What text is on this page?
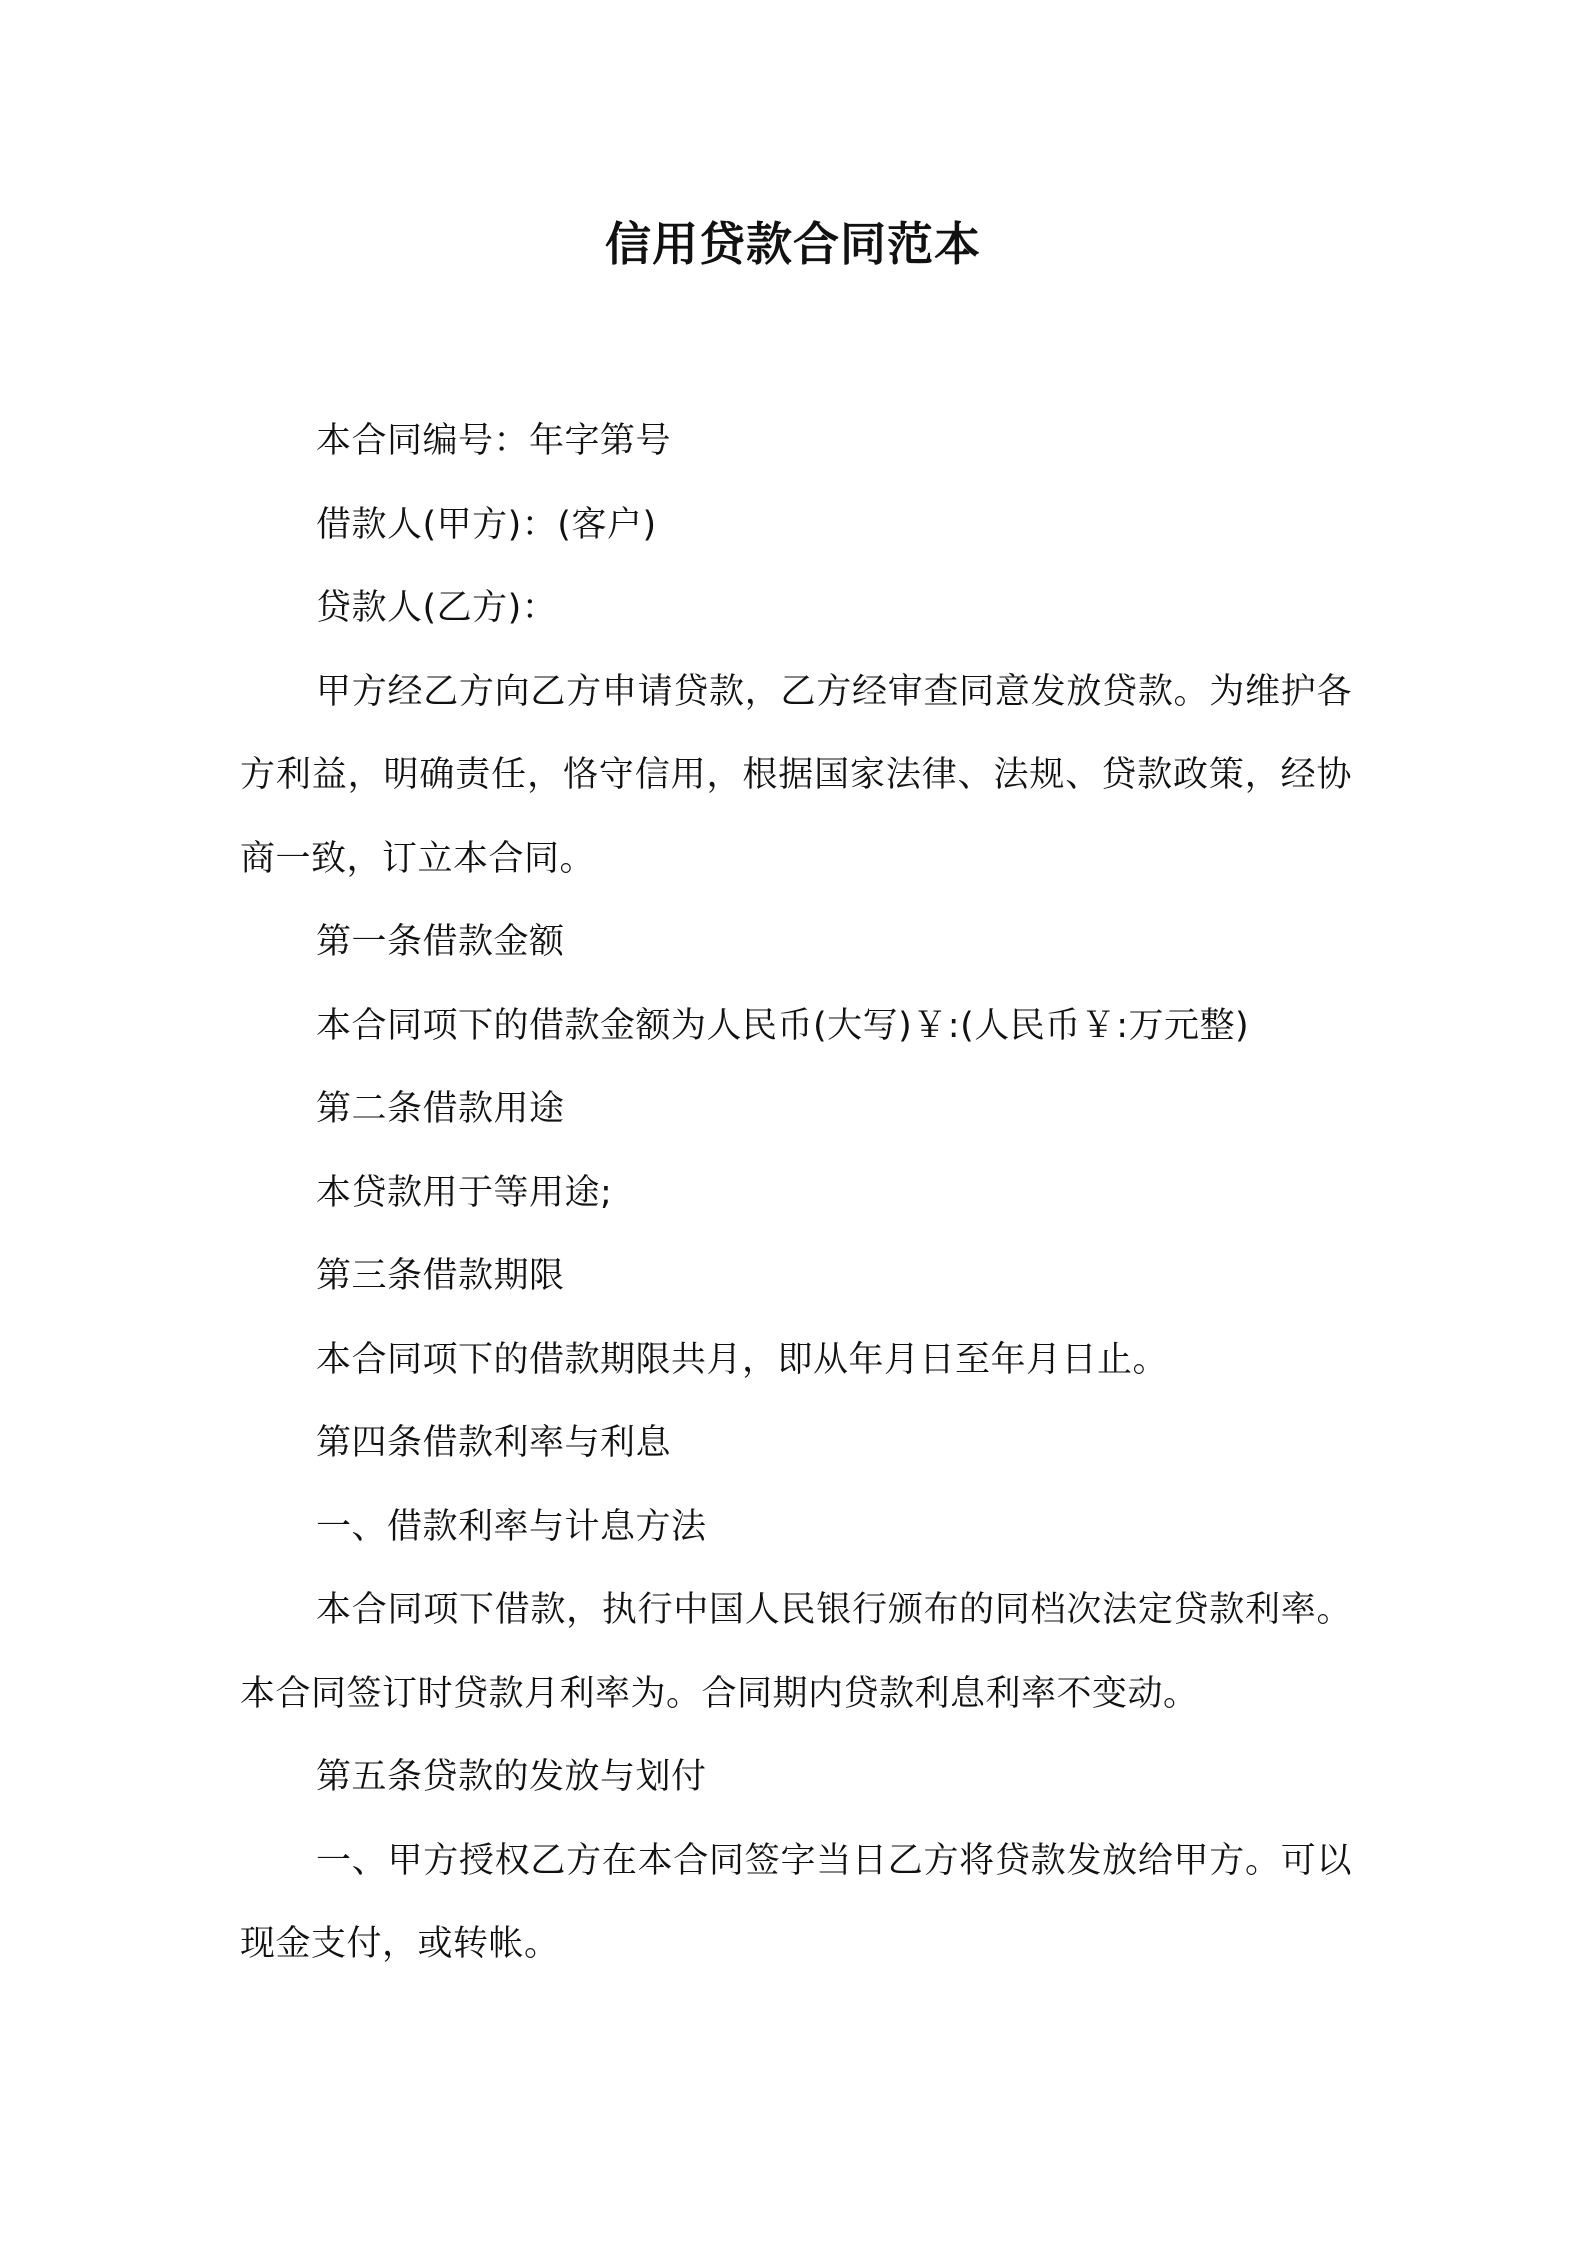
信用贷款合同范本

本合同编号：年字第号

借款人(甲方)：(客户)

贷款人(乙方)：

甲方经乙方向乙方申请贷款，乙方经审查同意发放贷款。为维护各方利益，明确责任，恪守信用，根据国家法律、法规、贷款政策，经协商一致，订立本合同。

第一条借款金额

本合同项下的借款金额为人民币(大写)￥:(人民币￥:万元整)

第二条借款用途

本贷款用于等用途;

第三条借款期限

本合同项下的借款期限共月，即从年月日至年月日止。

第四条借款利率与利息

一、借款利率与计息方法

本合同项下借款，执行中国人民银行颁布的同档次法定贷款利率。本合同签订时贷款月利率为。合同期内贷款利息利率不变动。

第五条贷款的发放与划付

一、甲方授权乙方在本合同签字当日乙方将贷款发放给甲方。可以现金支付，或转帐。
